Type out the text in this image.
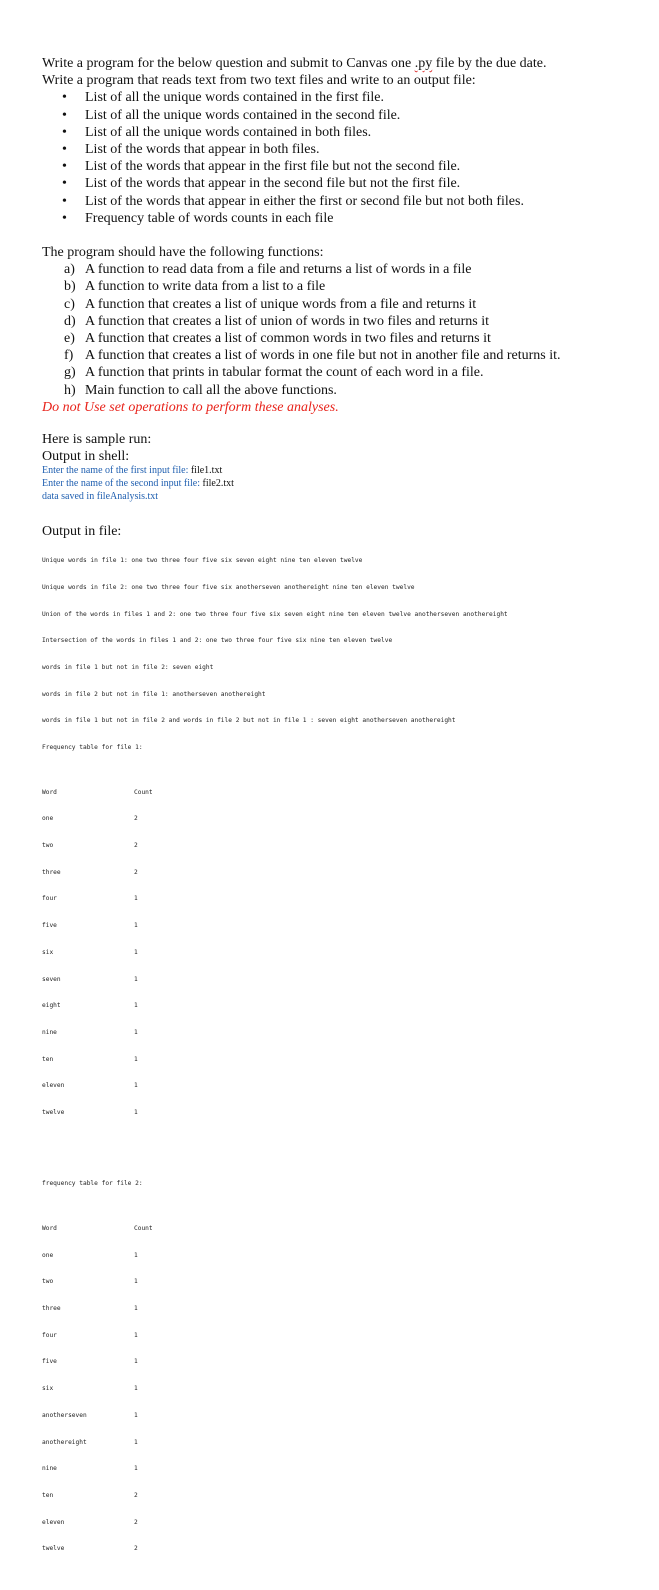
Write a program for the below question and submit to Canvas one .py file by the due date.
Write a program that reads text from two text files and write to an output file:
• List of all the unique words contained in the first file.
• List of all the unique words contained in the second file.
• List of all the unique words contained in both files.
• List of the words that appear in both files.
• List of the words that appear in the first file but not the second file.
• List of the words that appear in the second file but not the first file.
• List of the words that appear in either the first or second file but not both files.
• Frequency table of words counts in each file
The program should have the following functions:
a) A function to read data from a file and returns a list of words in a file
b) A function to write data from a list to a file
c) A function that creates a list of unique words from a file and returns it
d) A function that creates a list of union of words in two files and returns it
e) A function that creates a list of common words in two files and returns it
f) A function that creates a list of words in one file but not in another file and returns it.
g) A function that prints in tabular format the count of each word in a file.
h) Main function to call all the above functions.
Do not Use set operations to perform these analyses.
Here is sample run:
Output in shell:
Enter the name of the first input file: file1.txt
Enter the name of the second input file: file2.txt
data saved in fileAnalysis.txt
Output in file:

Unique words in file 1: one two three four five six seven eight nine ten eleven twelve

Unique words in file 2: one two three four five six anotherseven anothereight nine ten eleven twelve

Union of the words in files 1 and 2: one two three four five six seven eight nine ten eleven twelve anotherseven anothereight

Intersection of the words in files 1 and 2: one two three four five six nine ten eleven twelve

words in file 1 but not in file 2: seven eight

words in file 2 but not in file 1: anotherseven anothereight

words in file 1 but not in file 2 and words in file 2 but not in file 1 : seven eight anotherseven anothereight

Frequency table for file 1:

Word	Count

one	2

two	2

three	2

four	1

five	1

six	1

seven	1

eight	1

nine	1

ten	1

eleven	1

twelve	1

frequency table for file 2:

Word	Count

one	1

two	1

three	1

four	1

five	1

six	1

anotherseven	1

anothereight	1

nine	1

ten	2

eleven	2

twelve	2
